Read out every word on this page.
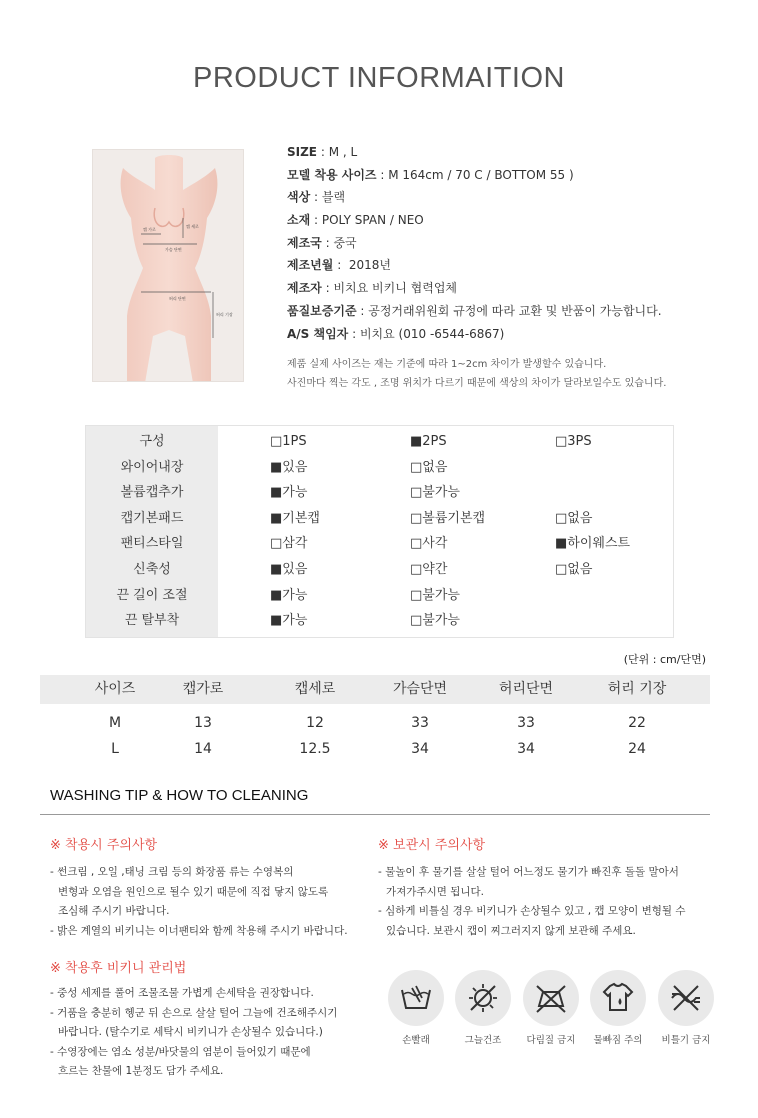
PRODUCT INFORMAITION
캡 가로
캡 세로
가슴 단면
허리 단면
허리 기장
SIZE : M , L
모델 착용 사이즈 : M 164cm / 70 C / BOTTOM 55 )
색상 : 블랙
소재 : POLY SPAN / NEO
제조국 : 중국
제조년월 :  2018년
제조자 : 비치요 비키니 협력업체
품질보증기준 : 공정거래위원회 규정에 따라 교환 및 반품이 가능합니다.
A/S 책임자 : 비치요 (010 -6544-6867)
제품 실제 사이즈는 재는 기준에 따라 1~2cm 차이가 발생할수 있습니다.
사진마다 찍는 각도 , 조명 위치가 다르기 때문에 색상의 차이가 달라보일수도 있습니다.
구성	□1PS	■2PS	□3PS
와이어내장	■있음	□없음
볼륨캡추가	■가능	□불가능
캡기본패드	■기본캡	□볼륨기본캡	□없음
팬티스타일	□삼각	□사각	■하이웨스트
신축성	■있음	□약간	□없음
끈 길이 조절	■가능	□불가능
끈 탈부착	■가능	□불가능
(단위 : cm/단면)
사이즈	캡가로	캡세로	가슴단면	허리단면	허리 기장
M	13	12	33	33	22
L	14	12.5	34	34	24
WASHING TIP & HOW TO CLEANING
※ 착용시 주의사항	※ 보관시 주의사항
※ 착용후 비키니 관리법
- 썬크림 , 오일 ,태닝 크림 등의 화장품 류는 수영복의
변형과 오염을 원인으로 될수 있기 때문에 직접 닿지 않도록
조심해 주시기 바랍니다.
- 밝은 계열의 비키니는 이너팬티와 함께 착용해 주시기 바랍니다.
- 물놀이 후 물기를 살살 털어 어느정도 물기가 빠진후 돌돌 말아서
가져가주시면 됩니다.
- 심하게 비틀실 경우 비키니가 손상될수 있고 , 캡 모양이 변형될 수
있습니다. 보관시 캡이 찌그러지지 않게 보관해 주세요.
- 중성 세제를 풀어 조물조물 가볍게 손세탁을 권장합니다.
- 거품을 충분히 헹군 뒤 손으로 살살 털어 그늘에 건조해주시기
바랍니다. (탈수기로 세탁시 비키니가 손상될수 있습니다.)
- 수영장에는 염소 성분/바닷물의 염분이 들어있기 때문에
흐르는 찬물에 1분정도 담가 주세요.
손빨래	그늘건조	다림질 금지	물빠짐 주의	비틀기 금지
